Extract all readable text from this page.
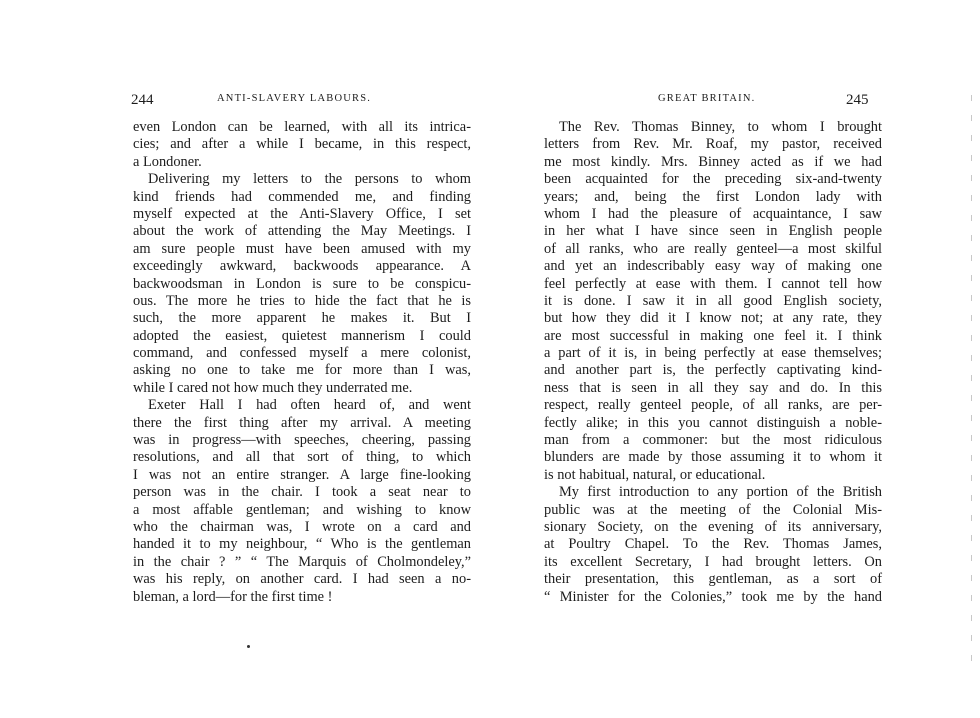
244	ANTI-SLAVERY LABOURS.
even London can be learned, with all its intrica-
cies; and after a while I became, in this respect,
a Londoner.
Delivering my letters to the persons to whom
kind friends had commended me, and finding
myself expected at the Anti-Slavery Office, I set
about the work of attending the May Meetings. I
am sure people must have been amused with my
exceedingly awkward, backwoods appearance. A
backwoodsman in London is sure to be conspicu-
ous. The more he tries to hide the fact that he is
such, the more apparent he makes it. But I
adopted the easiest, quietest mannerism I could
command, and confessed myself a mere colonist,
asking no one to take me for more than I was,
while I cared not how much they underrated me.
Exeter Hall I had often heard of, and went
there the first thing after my arrival. A meeting
was in progress—with speeches, cheering, passing
resolutions, and all that sort of thing, to which
I was not an entire stranger. A large fine-looking
person was in the chair. I took a seat near to
a most affable gentleman; and wishing to know
who the chairman was, I wrote on a card and
handed it to my neighbour, “ Who is the gentleman
in the chair ? ” “ The Marquis of Cholmondeley,”
was his reply, on another card. I had seen a no-
bleman, a lord—for the first time !
GREAT BRITAIN.	245
The Rev. Thomas Binney, to whom I brought
letters from Rev. Mr. Roaf, my pastor, received
me most kindly. Mrs. Binney acted as if we had
been acquainted for the preceding six-and-twenty
years; and, being the first London lady with
whom I had the pleasure of acquaintance, I saw
in her what I have since seen in English people
of all ranks, who are really genteel—a most skilful
and yet an indescribably easy way of making one
feel perfectly at ease with them. I cannot tell how
it is done. I saw it in all good English society,
but how they did it I know not; at any rate, they
are most successful in making one feel it. I think
a part of it is, in being perfectly at ease themselves;
and another part is, the perfectly captivating kind-
ness that is seen in all they say and do. In this
respect, really genteel people, of all ranks, are per-
fectly alike; in this you cannot distinguish a noble-
man from a commoner: but the most ridiculous
blunders are made by those assuming it to whom it
is not habitual, natural, or educational.
My first introduction to any portion of the British
public was at the meeting of the Colonial Mis-
sionary Society, on the evening of its anniversary,
at Poultry Chapel. To the Rev. Thomas James,
its excellent Secretary, I had brought letters. On
their presentation, this gentleman, as a sort of
“ Minister for the Colonies,” took me by the hand
